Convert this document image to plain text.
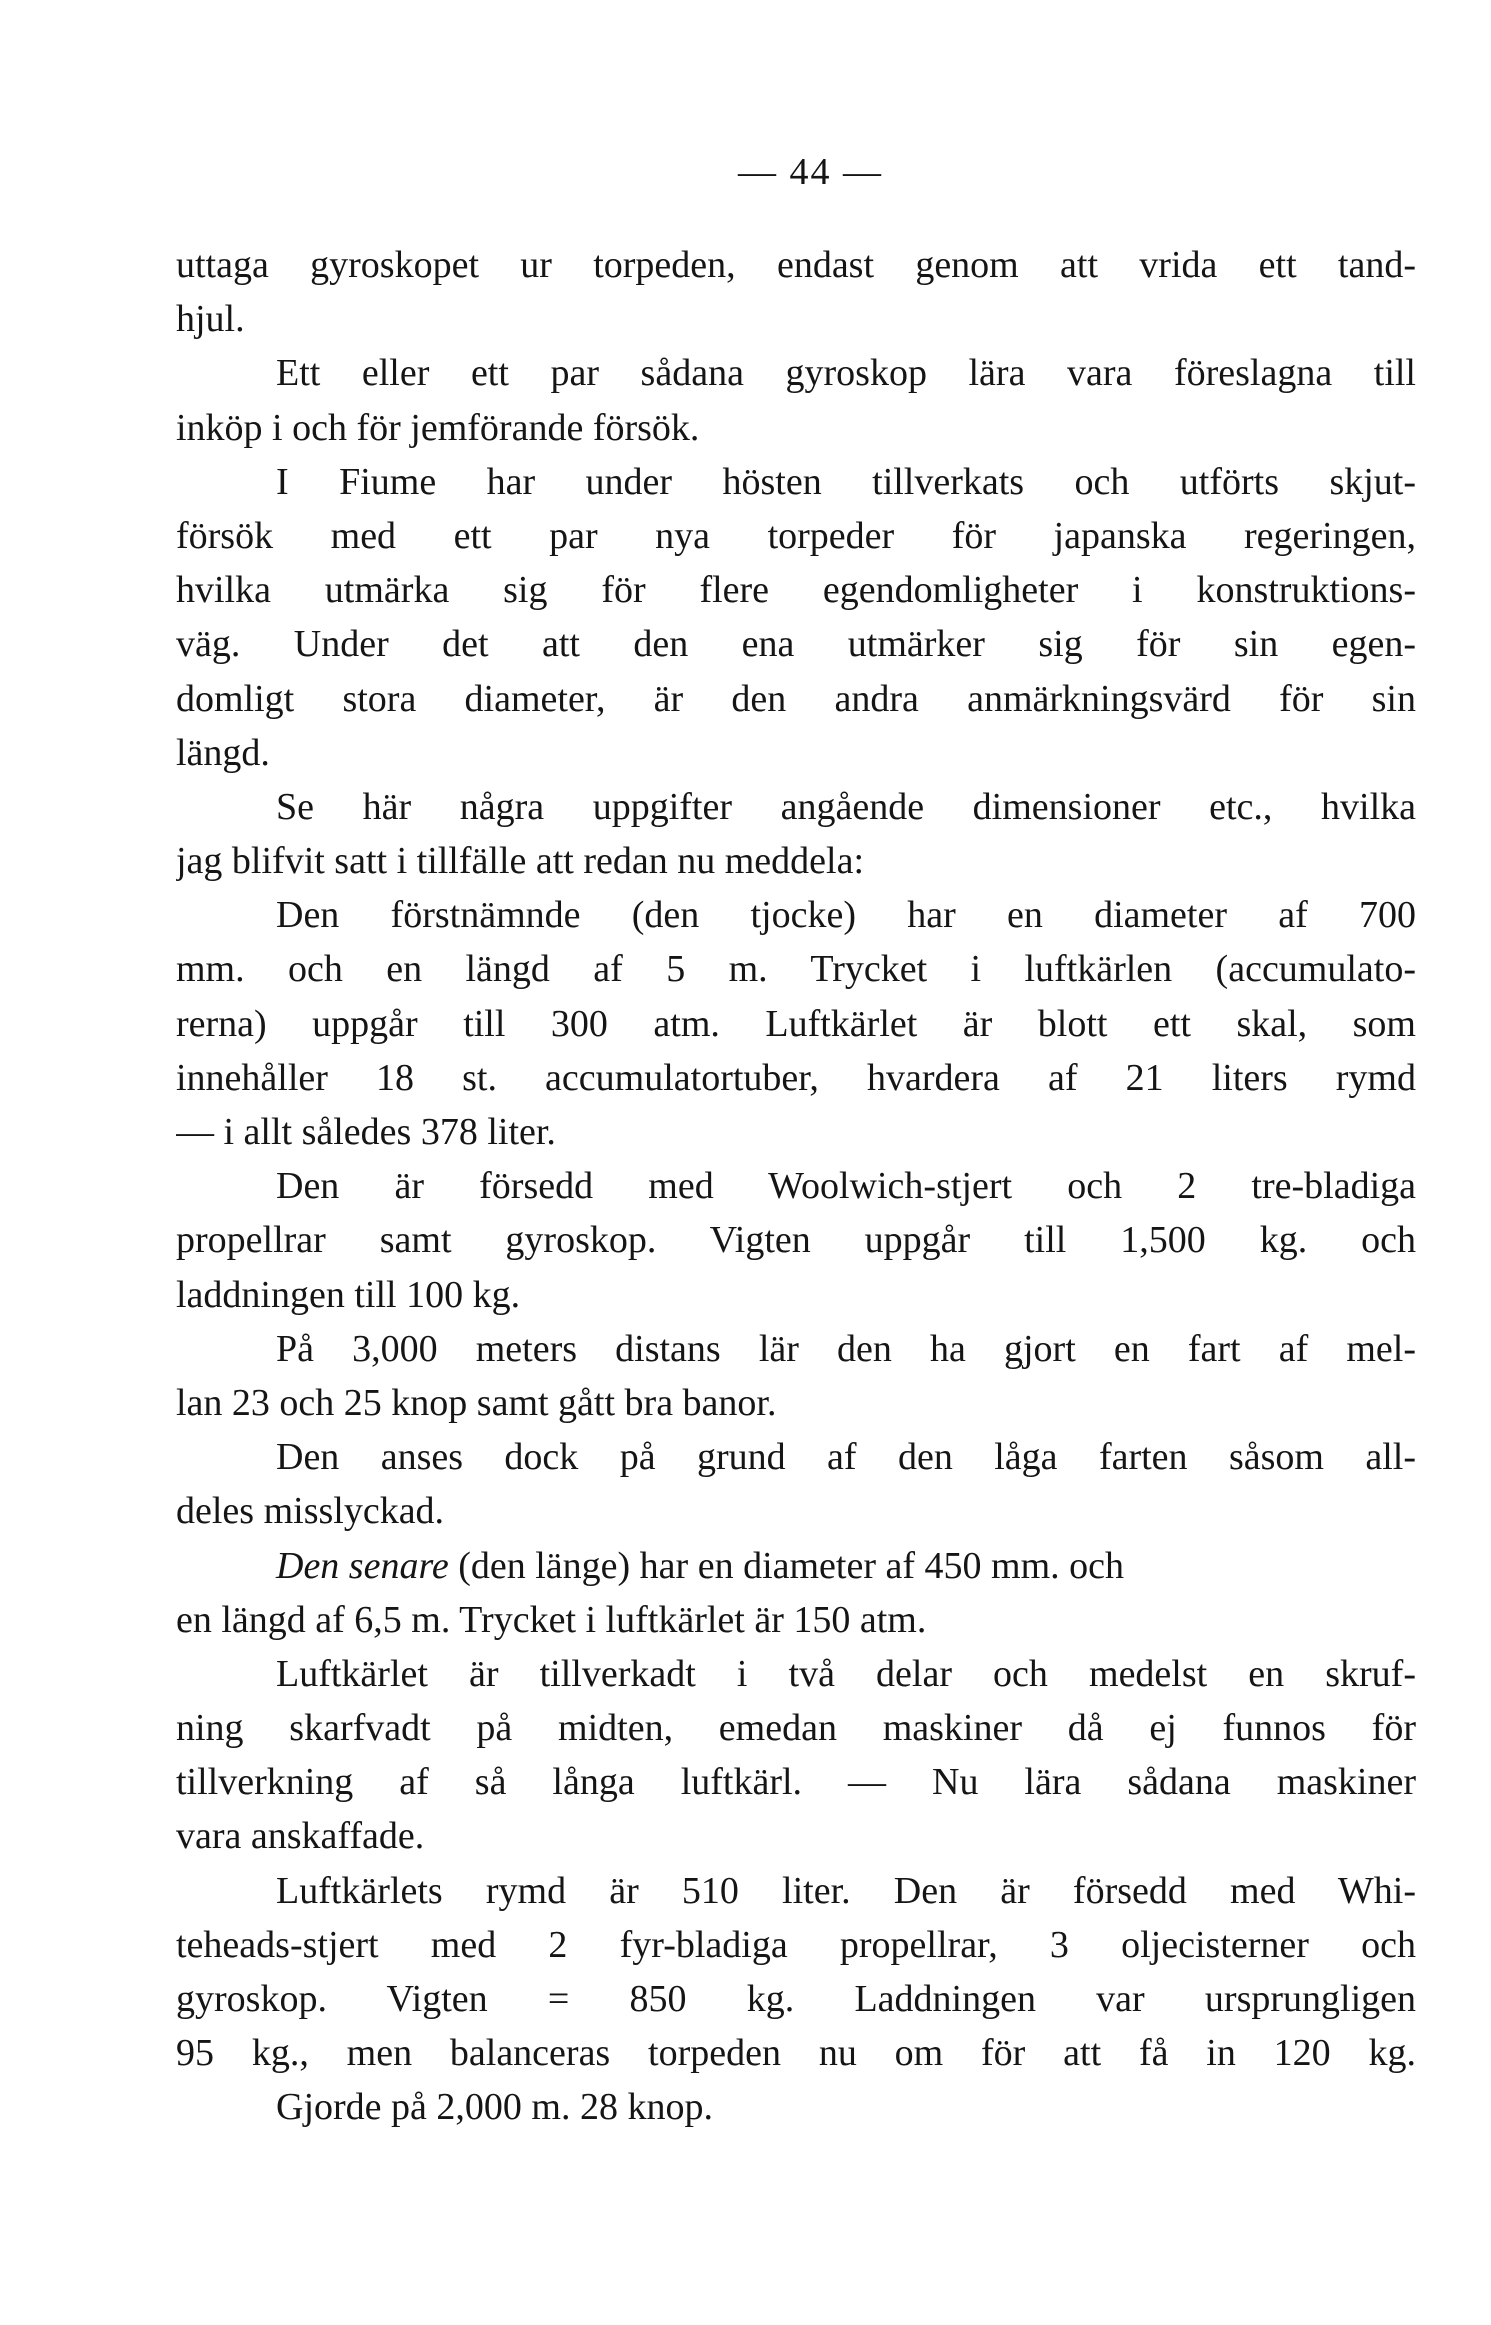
— 44 —
uttaga gyroskopet ur torpeden, endast genom att vrida ett tand-
hjul.
Ett eller ett par sådana gyroskop lära vara föreslagna till
inköp i och för jemförande försök.
I Fiume har under hösten tillverkats och utförts skjut-
försök med ett par nya torpeder för japanska regeringen,
hvilka utmärka sig för flere egendomligheter i konstruktions-
väg. Under det att den ena utmärker sig för sin egen-
domligt stora diameter, är den andra anmärkningsvärd för sin
längd.
Se här några uppgifter angående dimensioner etc., hvilka
jag blifvit satt i tillfälle att redan nu meddela:
Den förstnämnde (den tjocke) har en diameter af 700
mm. och en längd af 5 m. Trycket i luftkärlen (accumulato-
rerna) uppgår till 300 atm. Luftkärlet är blott ett skal, som
innehåller 18 st. accumulatortuber, hvardera af 21 liters rymd
— i allt således 378 liter.
Den är försedd med Woolwich-stjert och 2 tre-bladiga
propellrar samt gyroskop. Vigten uppgår till 1,500 kg. och
laddningen till 100 kg.
På 3,000 meters distans lär den ha gjort en fart af mel-
lan 23 och 25 knop samt gått bra banor.
Den anses dock på grund af den låga farten såsom all-
deles misslyckad.
Den senare (den länge) har en diameter af 450 mm. och
en längd af 6,5 m. Trycket i luftkärlet är 150 atm.
Luftkärlet är tillverkadt i två delar och medelst en skruf-
ning skarfvadt på midten, emedan maskiner då ej funnos för
tillverkning af så långa luftkärl. — Nu lära sådana maskiner
vara anskaffade.
Luftkärlets rymd är 510 liter. Den är försedd med Whi-
teheads-stjert med 2 fyr-bladiga propellrar, 3 oljecisterner och
gyroskop. Vigten = 850 kg. Laddningen var ursprungligen
95 kg., men balanceras torpeden nu om för att få in 120 kg.
Gjorde på 2,000 m. 28 knop.
